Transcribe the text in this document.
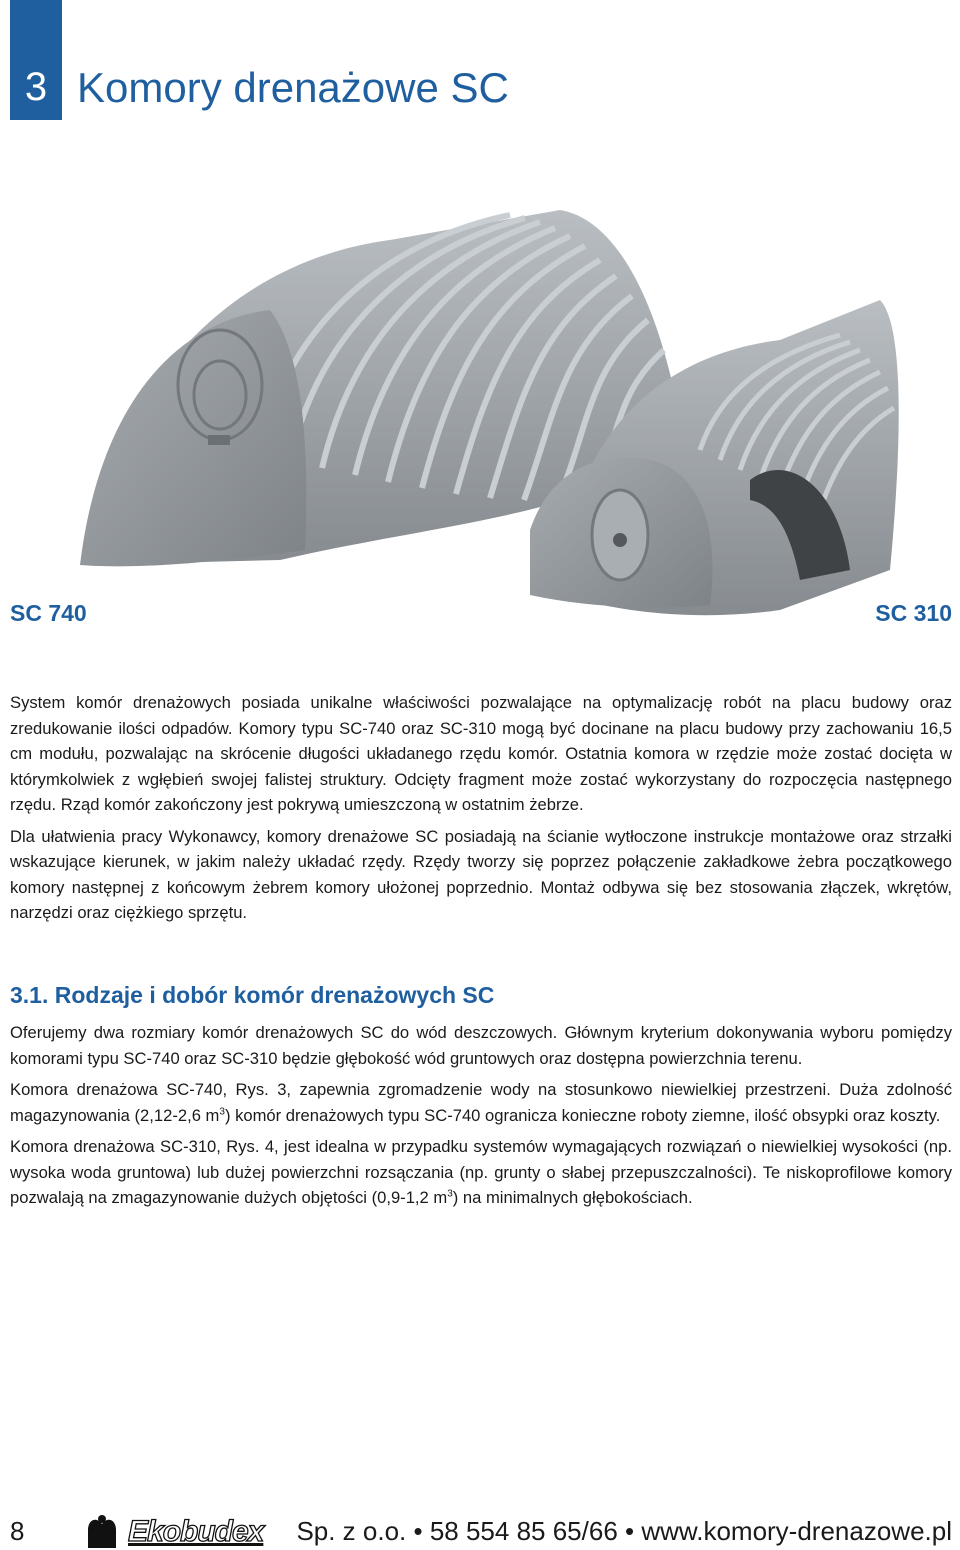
3 Komory drenażowe SC
SC 740	SC 310

System komór drenażowych posiada unikalne właściwości pozwalające na optymalizację robót na placu budowy oraz zredukowanie ilości odpadów. Komory typu SC-740 oraz SC-310 mogą być docinane na placu budowy przy zachowaniu 16,5 cm modułu, pozwalając na skrócenie długości układanego rzędu komór. Ostatnia komora w rzędzie może zostać docięta w którymkolwiek z wgłębień swojej falistej struktury. Odcięty fragment może zostać wykorzystany do rozpoczęcia następnego rzędu. Rząd komór zakończony jest pokrywą umieszczoną w ostatnim żebrze.

Dla ułatwienia pracy Wykonawcy, komory drenażowe SC posiadają na ścianie wytłoczone instrukcje montażowe oraz strzałki wskazujące kierunek, w jakim należy układać rzędy. Rzędy tworzy się poprzez połączenie zakładkowe żebra początkowego komory następnej z końcowym żebrem komory ułożonej poprzednio. Montaż odbywa się bez stosowania złączek, wkrętów, narzędzi oraz ciężkiego sprzętu.

3.1. Rodzaje i dobór komór drenażowych SC

Oferujemy dwa rozmiary komór drenażowych SC do wód deszczowych. Głównym kryterium dokonywania wyboru pomiędzy komorami typu SC-740 oraz SC-310 będzie głębokość wód gruntowych oraz dostępna powierzchnia terenu.

Komora drenażowa SC-740, Rys. 3, zapewnia zgromadzenie wody na stosunkowo niewielkiej przestrzeni. Duża zdolność magazynowania (2,12-2,6 $m^3$) komór drenażowych typu SC-740 ogranicza konieczne roboty ziemne, ilość obsypki oraz koszty.

Komora drenażowa SC-310, Rys. 4, jest idealna w przypadku systemów wymagających rozwiązań o niewielkiej wysokości (np. wysoka woda gruntowa) lub dużej powierzchni rozsączania (np. grunty o słabej przepuszczalności). Te niskoprofilowe komory pozwalają na zmagazynowanie dużych objętości (0,9-1,2 $m^3$) na minimalnych głębokościach.

8	Ekobudex Sp. z o.o. • 58 554 85 65/66 • www.komory-drenazowe.pl
